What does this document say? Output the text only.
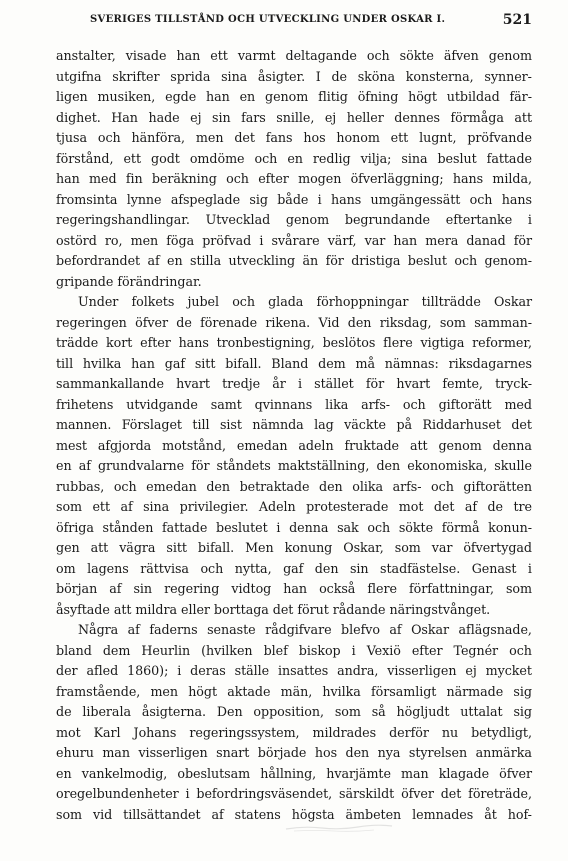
SVERIGES TILLSTÅND OCH UTVECKLING UNDER OSKAR I.	521
anstalter, visade han ett varmt deltagande och sökte äfven genom
utgifna skrifter sprida sina åsigter. I de sköna konsterna, synner-
ligen musiken, egde han en genom flitig öfning högt utbildad fär-
dighet. Han hade ej sin fars snille, ej heller dennes förmåga att
tjusa och hänföra, men det fans hos honom ett lugnt, pröfvande
förstånd, ett godt omdöme och en redlig vilja; sina beslut fattade
han med fin beräkning och efter mogen öfverläggning; hans milda,
fromsinta lynne afspeglade sig både i hans umgängessätt och hans
regeringshandlingar. Utvecklad genom begrundande eftertanke i
ostörd ro, men föga pröfvad i svårare värf, var han mera danad för
befordrandet af en stilla utveckling än för dristiga beslut och genom-
gripande förändringar.
Under folkets jubel och glada förhoppningar tillträdde Oskar
regeringen öfver de förenade rikena. Vid den riksdag, som samman-
trädde kort efter hans tronbestigning, beslötos flere vigtiga reformer,
till hvilka han gaf sitt bifall. Bland dem må nämnas: riksdagarnes
sammankallande hvart tredje år i stället för hvart femte, tryck-
frihetens utvidgande samt qvinnans lika arfs- och giftorätt med
mannen. Förslaget till sist nämnda lag väckte på Riddarhuset det
mest afgjorda motstånd, emedan adeln fruktade att genom denna
en af grundvalarne för ståndets maktställning, den ekonomiska, skulle
rubbas, och emedan den betraktade den olika arfs- och giftorätten
som ett af sina privilegier. Adeln protesterade mot det af de tre
öfriga stånden fattade beslutet i denna sak och sökte förmå konun-
gen att vägra sitt bifall. Men konung Oskar, som var öfvertygad
om lagens rättvisa och nytta, gaf den sin stadfästelse. Genast i
början af sin regering vidtog han också flere författningar, som
åsyftade att mildra eller borttaga det förut rådande näringstvånget.
Några af faderns senaste rådgifvare blefvo af Oskar aflägsnade,
bland dem Heurlin (hvilken blef biskop i Vexiö efter Tegnér och
der afled 1860); i deras ställe insattes andra, visserligen ej mycket
framstående, men högt aktade män, hvilka församligt närmade sig
de liberala åsigterna. Den opposition, som så högljudt uttalat sig
mot Karl Johans regeringssystem, mildrades derför nu betydligt,
ehuru man visserligen snart började hos den nya styrelsen anmärka
en vankelmodig, obeslutsam hållning, hvarjämte man klagade öfver
oregelbundenheter i befordringsväsendet, särskildt öfver det företräde,
som vid tillsättandet af statens högsta ämbeten lemnades åt hof-
